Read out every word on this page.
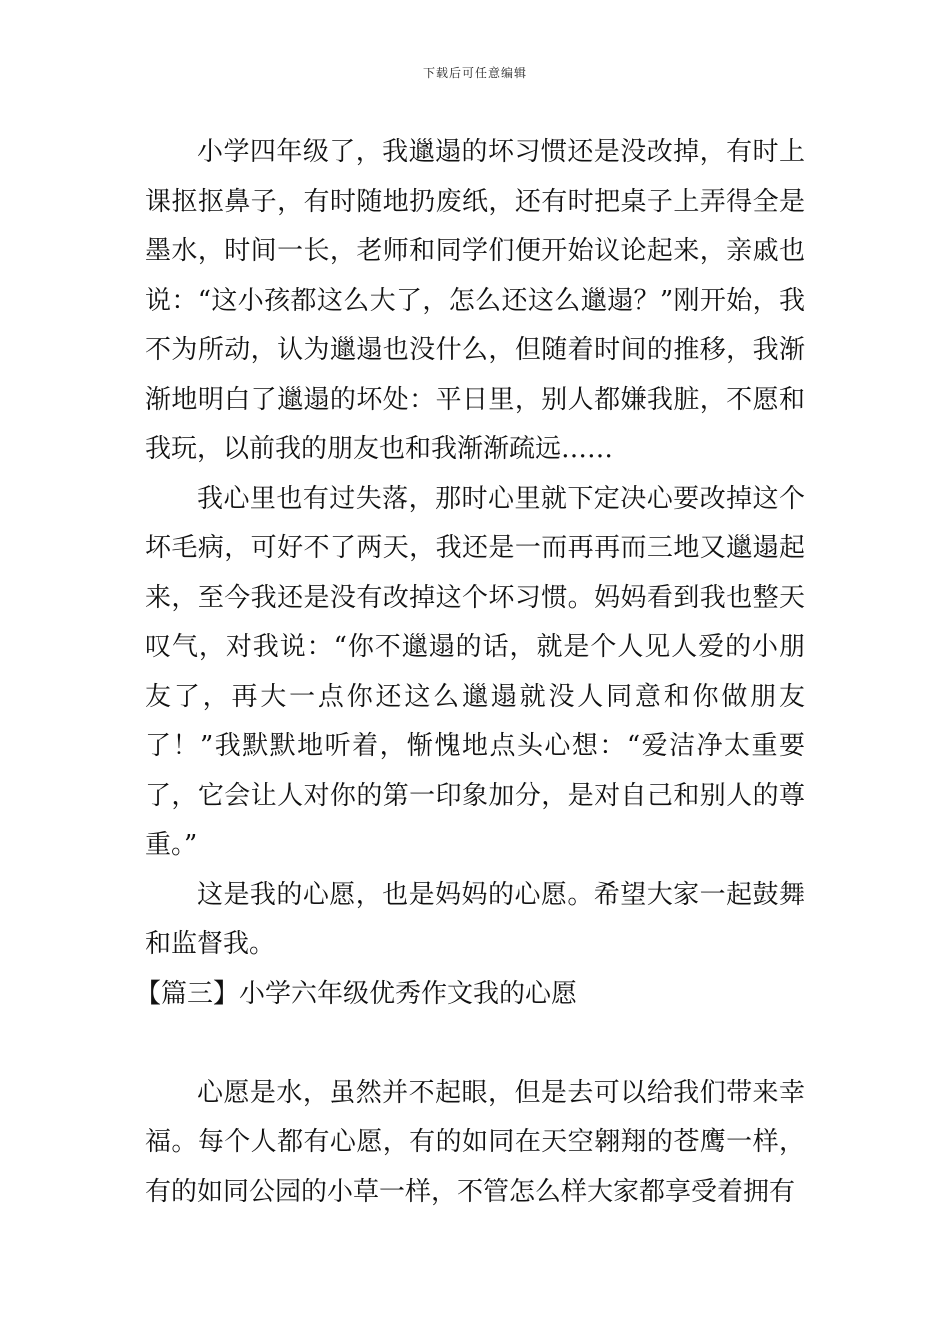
下载后可任意编辑

小学四年级了，我邋遢的坏习惯还是没改掉，有时上课抠抠鼻子，有时随地扔废纸，还有时把桌子上弄得全是墨水，时间一长，老师和同学们便开始议论起来，亲戚也说：“这小孩都这么大了，怎么还这么邋遢？”刚开始，我不为所动，认为邋遢也没什么，但随着时间的推移，我渐渐地明白了邋遢的坏处：平日里，别人都嫌我脏，不愿和我玩，以前我的朋友也和我渐渐疏远……

我心里也有过失落，那时心里就下定决心要改掉这个坏毛病，可好不了两天，我还是一而再再而三地又邋遢起来，至今我还是没有改掉这个坏习惯。妈妈看到我也整天叹气，对我说：“你不邋遢的话，就是个人见人爱的小朋友了，再大一点你还这么邋遢就没人同意和你做朋友了！”我默默地听着，惭愧地点头心想：“爱洁净太重要了，它会让人对你的第一印象加分，是对自己和别人的尊重。”

这是我的心愿，也是妈妈的心愿。希望大家一起鼓舞和监督我。

【篇三】小学六年级优秀作文我的心愿

心愿是水，虽然并不起眼，但是去可以给我们带来幸福。每个人都有心愿，有的如同在天空翱翔的苍鹰一样，有的如同公园的小草一样，不管怎么样大家都享受着拥有
